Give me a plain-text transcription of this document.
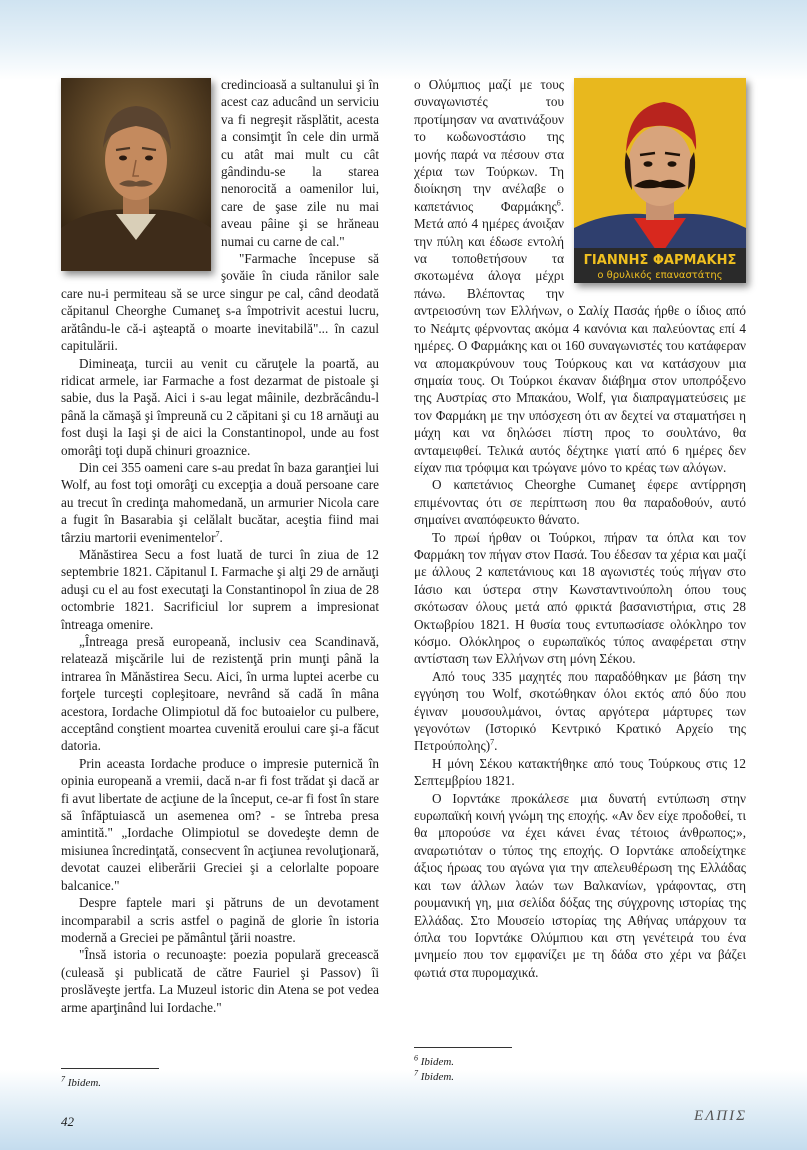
credincioasă a sultanului şi în acest caz aducând un serviciu va fi negreşit răsplătit, acesta a consimţit în cele din urmă cu atât mai mult cu cât gândindu-se la starea nenorocită a oamenilor lui, care de şase zile nu mai aveau pâine şi se hrăneau numai cu carne de cal."

"Farmache începuse să şovăie în ciuda rănilor sale care nu-i permiteau să se urce singur pe cal, când deodată căpitanul Cheorghe Cumaneţ s-a împotrivit acestui lucru, arătându-le că-i aşteaptă o moarte inevitabilă"... în cazul capitulării.

Dimineaţa, turcii au venit cu căruţele la poartă, au ridicat armele, iar Farmache a fost dezarmat de pistoale şi sabie, dus la Paşă. Aici i s-au legat mâinile, dezbrăcându-l până la cămaşă şi împreună cu 2 căpitani şi cu 18 arnăuţi au fost duşi la Iaşi şi de aici la Constantinopol, unde au fost omorâţi toţi după chinuri groaznice.

Din cei 355 oameni care s-au predat în baza garanţiei lui Wolf, au fost toţi omorâţi cu excepţia a două persoane care au trecut în credinţa mahomedană, un armurier Nicola care a fugit în Basarabia şi celălalt bucătar, aceştia fiind mai târziu martorii evenimentelor$^7$.

Mănăstirea Secu a fost luată de turci în ziua de 12 septembrie 1821. Căpitanul I. Farmache şi alţi 29 de arnăuţi aduşi cu el au fost executaţi la Constantinopol în ziua de 28 octombrie 1821. Sacrificiul lor suprem a impresionat întreaga omenire.

„Întreaga presă europeană, inclusiv cea Scandinavă, relatează mişcările lui de rezistenţă prin munţi până la intrarea în Mănăstirea Secu. Aici, în urma luptei acerbe cu forţele turceşti copleşitoare, nevrând să cadă în mâna acestora, Iordache Olimpiotul dă foc butoaielor cu pulbere, acceptând conştient moartea cuvenită eroului care şi-a făcut datoria.

Prin aceasta Iordache produce o impresie puternică în opinia europeană a vremii, dacă n-ar fi fost trădat şi dacă ar fi avut libertate de acţiune de la început, ce-ar fi fost în stare să înfăptuiască un asemenea om? - se întreba presa amintită." „Iordache Olimpiotul se dovedeşte demn de misiunea încredinţată, consecvent în acţiunea revoluţionară, devotat cauzei eliberării Greciei şi a celorlalte popoare balcanice."

Despre faptele mari şi pătruns de un devotament incomparabil a scris astfel o pagină de glorie în istoria modernă a Greciei pe pământul ţării noastre.

"Însă istoria o recunoaşte: poezia populară grecească (culeasă şi publicată de către Fauriel şi Passov) îi proslăveşte jertfa. La Muzeul istoric din Atena se pot vedea arme aparţinând lui Iordache."

$^7$ Ibidem.
ΓΙΑΝΝΗΣ ΦΑΡΜΑΚΗΣ
ο θρυλικός επαναστάτης

ο Ολύμπιος μαζί με τους συναγωνιστές του προτίμησαν να ανατινάξουν το κωδωνοστάσιο της μονής παρά να πέσουν στα χέρια των Τούρκων. Τη διοίκηση την ανέλαβε ο καπετάνιος Φαρμάκης$^6$. Μετά από 4 ημέρες άνοιξαν την πύλη και έδωσε εντολή να τοποθετήσουν τα σκοτωμένα άλογα μέχρι πάνω. Βλέποντας την αντρειοσύνη των Ελλήνων, ο Σαλίχ Πασάς ήρθε ο ίδιος από το Νεάμτς φέρνοντας ακόμα 4 κανόνια και παλεύοντας επί 4 ημέρες. Ο Φαρμάκης και οι 160 συναγωνιστές του κατάφεραν να απομακρύνουν τους Τούρκους και να κατάσχουν μια σημαία τους. Οι Τούρκοι έκαναν διάβημα στον υποπρόξενο της Αυστρίας στο Μπακάου, Wolf, για διαπραγματεύσεις με τον Φαρμάκη με την υπόσχεση ότι αν δεχτεί να σταματήσει η μάχη και να δηλώσει πίστη προς το σουλτάνο, θα ανταμειφθεί. Τελικά αυτός δέχτηκε γιατί από 6 ημέρες δεν είχαν πια τρόφιμα και τρώγανε μόνο το κρέας των αλόγων.

Ο καπετάνιος Cheorghe Cumaneţ έφερε αντίρρηση επιμένοντας ότι σε περίπτωση που θα παραδοθούν, αυτό σημαίνει αναπόφευκτο θάνατο.

Το πρωί ήρθαν οι Τούρκοι, πήραν τα όπλα και τον Φαρμάκη τον πήγαν στον Πασά. Του έδεσαν τα χέρια και μαζί με άλλους 2 καπετάνιους και 18 αγωνιστές τούς πήγαν στο Ιάσιο και ύστερα στην Κωνσταντινούπολη όπου τους σκότωσαν όλους μετά από φρικτά βασανιστήρια, στις 28 Οκτωβρίου 1821. Η θυσία τους εντυπωσίασε ολόκληρο τον κόσμο. Ολόκληρος ο ευρωπαϊκός τύπος αναφέρεται στην αντίσταση των Ελλήνων στη μόνη Σέκου.

Από τους 335 μαχητές που παραδόθηκαν με βάση την εγγύηση του Wolf, σκοτώθηκαν όλοι εκτός από δύο που έγιναν μουσουλμάνοι, όντας αργότερα μάρτυρες των γεγονότων (Ιστορικό Κεντρικό Κρατικό Αρχείο της Πετρούπολης)$^7$.

Η μόνη Σέκου κατακτήθηκε από τους Τούρκους στις 12 Σεπτεμβρίου 1821.

Ο Ιορντάκε προκάλεσε μια δυνατή εντύπωση στην ευρωπαϊκή κοινή γνώμη της εποχής. «Αν δεν είχε προδοθεί, τι θα μπορούσε να έχει κάνει ένας τέτοιος άνθρωπος;», αναρωτιόταν ο τύπος της εποχής. Ο Ιορντάκε αποδείχτηκε άξιος ήρωας του αγώνα για την απελευθέρωση της Ελλάδας και των άλλων λαών των Βαλκανίων, γράφοντας, στη ρουμανική γη, μια σελίδα δόξας της σύγχρονης ιστορίας της Ελλάδας. Στο Μουσείο ιστορίας της Αθήνας υπάρχουν τα όπλα του Ιορντάκε Ολύμπιου και στη γενέτειρά του ένα μνημείο που τον εμφανίζει με τη δάδα στο χέρι να βάζει φωτιά στα πυρομαχικά.

$^6$ Ibidem.
$^7$ Ibidem.
42	ΕΛΠΙΣ
